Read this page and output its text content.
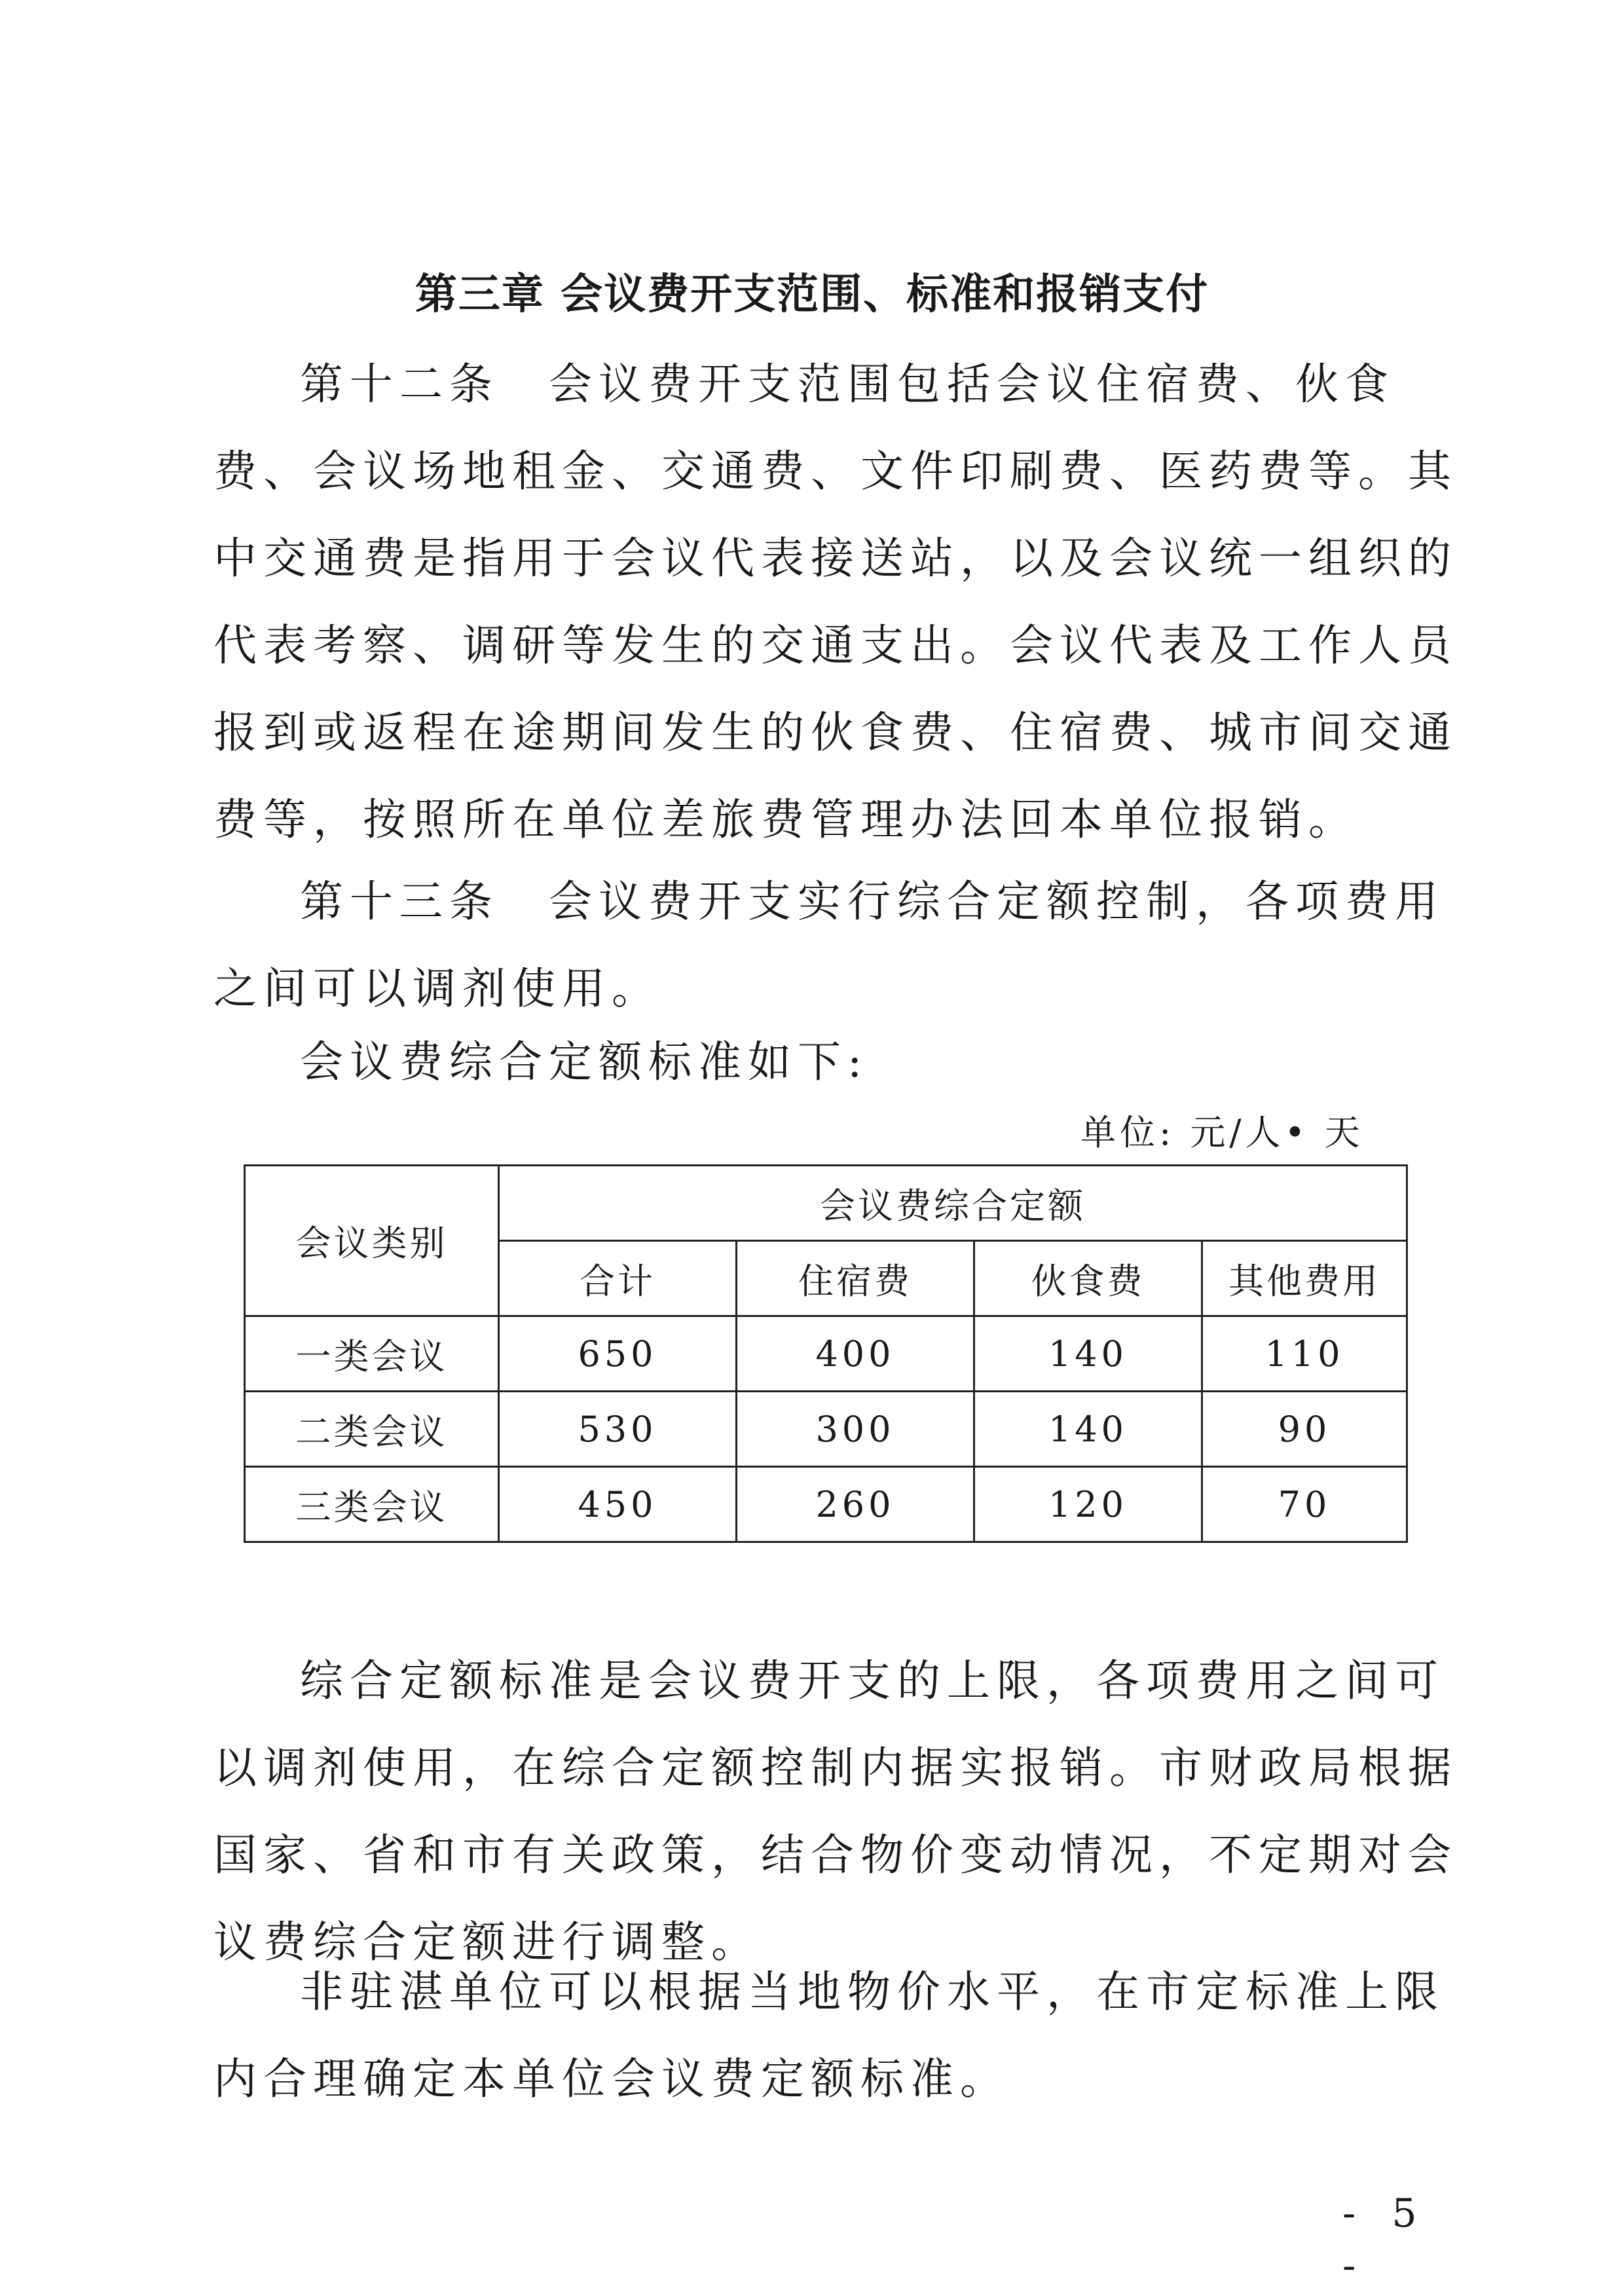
第三章 会议费开支范围、标准和报销支付

第十二条　会议费开支范围包括会议住宿费、伙食费、会议场地租金、交通费、文件印刷费、医药费等。其中交通费是指用于会议代表接送站，以及会议统一组织的代表考察、调研等发生的交通支出。会议代表及工作人员报到或返程在途期间发生的伙食费、住宿费、城市间交通费等，按照所在单位差旅费管理办法回本单位报销。

第十三条　会议费开支实行综合定额控制，各项费用之间可以调剂使用。

会议费综合定额标准如下:

单位: 元/人• 天

会议类别	会议费综合定额			
	合计	住宿费	伙食费	其他费用
一类会议	650	400	140	110
二类会议	530	300	140	90
三类会议	450	260	120	70

综合定额标准是会议费开支的上限，各项费用之间可以调剂使用，在综合定额控制内据实报销。市财政局根据国家、省和市有关政策，结合物价变动情况，不定期对会议费综合定额进行调整。

非驻湛单位可以根据当地物价水平，在市定标准上限内合理确定本单位会议费定额标准。

- 5 -
